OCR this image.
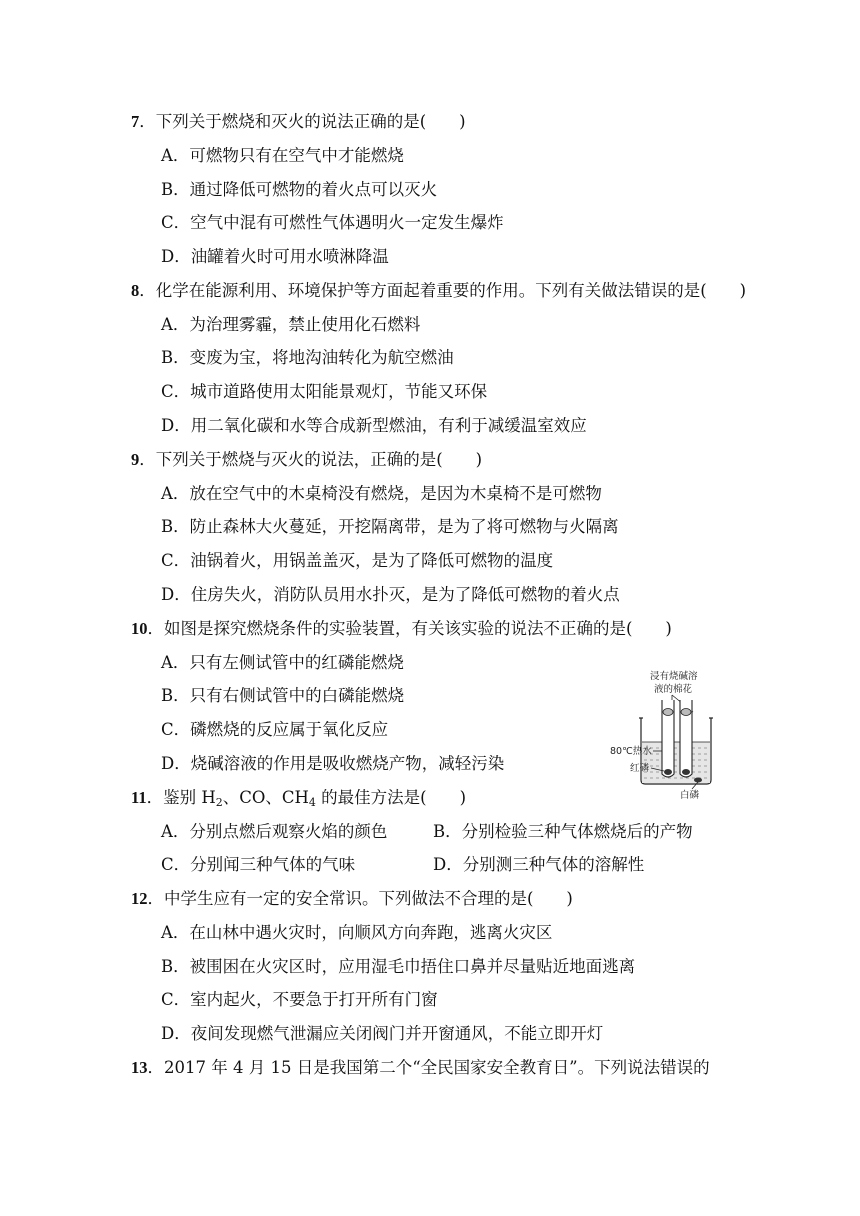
7．下列关于燃烧和灭火的说法正确的是(　　)
A．可燃物只有在空气中才能燃烧
B．通过降低可燃物的着火点可以灭火
C．空气中混有可燃性气体遇明火一定发生爆炸
D．油罐着火时可用水喷淋降温
8．化学在能源利用、环境保护等方面起着重要的作用。下列有关做法错误的是(　　)
A．为治理雾霾，禁止使用化石燃料
B．变废为宝，将地沟油转化为航空燃油
C．城市道路使用太阳能景观灯，节能又环保
D．用二氧化碳和水等合成新型燃油，有利于减缓温室效应
9．下列关于燃烧与灭火的说法，正确的是(　　)
A．放在空气中的木桌椅没有燃烧，是因为木桌椅不是可燃物
B．防止森林大火蔓延，开挖隔离带，是为了将可燃物与火隔离
C．油锅着火，用锅盖盖灭，是为了降低可燃物的温度
D．住房失火，消防队员用水扑灭，是为了降低可燃物的着火点
10．如图是探究燃烧条件的实验装置，有关该实验的说法不正确的是(　　)
A．只有左侧试管中的红磷能燃烧
B．只有右侧试管中的白磷能燃烧
C．磷燃烧的反应属于氧化反应
D．烧碱溶液的作用是吸收燃烧产物，减轻污染
浸有烧碱溶
液的棉花
80℃热水
红磷
白磷
11．鉴别 $H_2$、CO、$CH_4$ 的最佳方法是(　　)
A．分别点燃后观察火焰的颜色	B．分别检验三种气体燃烧后的产物
C．分别闻三种气体的气味	D．分别测三种气体的溶解性
12．中学生应有一定的安全常识。下列做法不合理的是(　　)
A．在山林中遇火灾时，向顺风方向奔跑，逃离火灾区
B．被围困在火灾区时，应用湿毛巾捂住口鼻并尽量贴近地面逃离
C．室内起火，不要急于打开所有门窗
D．夜间发现燃气泄漏应关闭阀门并开窗通风，不能立即开灯
13．2017 年 4 月 15 日是我国第二个“全民国家安全教育日”。下列说法错误的
